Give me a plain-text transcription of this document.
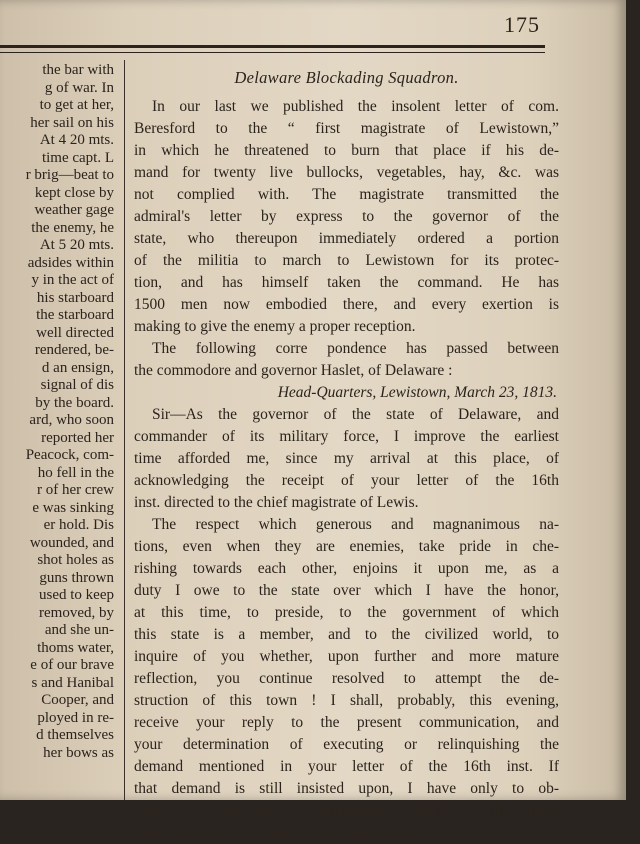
175
the bar with
g of war. In
to get at her,
her sail on his
At 4 20 mts.
time capt. L
r brig—beat to
kept close by
weather gage
the enemy, he
At 5 20 mts.
adsides within
y in the act of
his starboard
the starboard
well directed
rendered, be-
d an ensign,
signal of dis
by the board.
ard, who soon
reported her
Peacock, com-
ho fell in the
r of her crew
e was sinking
er hold. Dis
wounded, and
shot holes as
guns thrown
used to keep
removed, by
and she un-
thoms water,
e of our brave
s and Hanibal
Cooper, and
ployed in re-
d themselves
her bows as
Delaware Blockading Squadron.
In our last we published the insolent letter of com.
Beresford to the “ first magistrate of Lewistown,”
in which he threatened to burn that place if his de-
mand for twenty live bullocks, vegetables, hay, &c. was
not complied with. The magistrate transmitted the
admiral's letter by express to the governor of the
state, who thereupon immediately ordered a portion
of the militia to march to Lewistown for its protec-
tion, and has himself taken the command. He has
1500 men now embodied there, and every exertion is
making to give the enemy a proper reception.
The following corre pondence has passed between
the commodore and governor Haslet, of Delaware :
Head-Quarters, Lewistown, March 23, 1813.
Sir—As the governor of the state of Delaware, and
commander of its military force, I improve the earliest
time afforded me, since my arrival at this place, of
acknowledging the receipt of your letter of the 16th
inst. directed to the chief magistrate of Lewis.
The respect which generous and magnanimous na-
tions, even when they are enemies, take pride in che-
rishing towards each other, enjoins it upon me, as a
duty I owe to the state over which I have the honor,
at this time, to preside, to the government of which
this state is a member, and to the civilized world, to
inquire of you whether, upon further and more mature
reflection, you continue resolved to attempt the de-
struction of this town ! I shall, probably, this evening,
receive your reply to the present communication, and
your determination of executing or relinquishing the
demand mentioned in your letter of the 16th inst. If
that demand is still insisted upon, I have only to ob-
serve to you, that a compliance would be an imme-
diate violation of the laws of my country, and an
